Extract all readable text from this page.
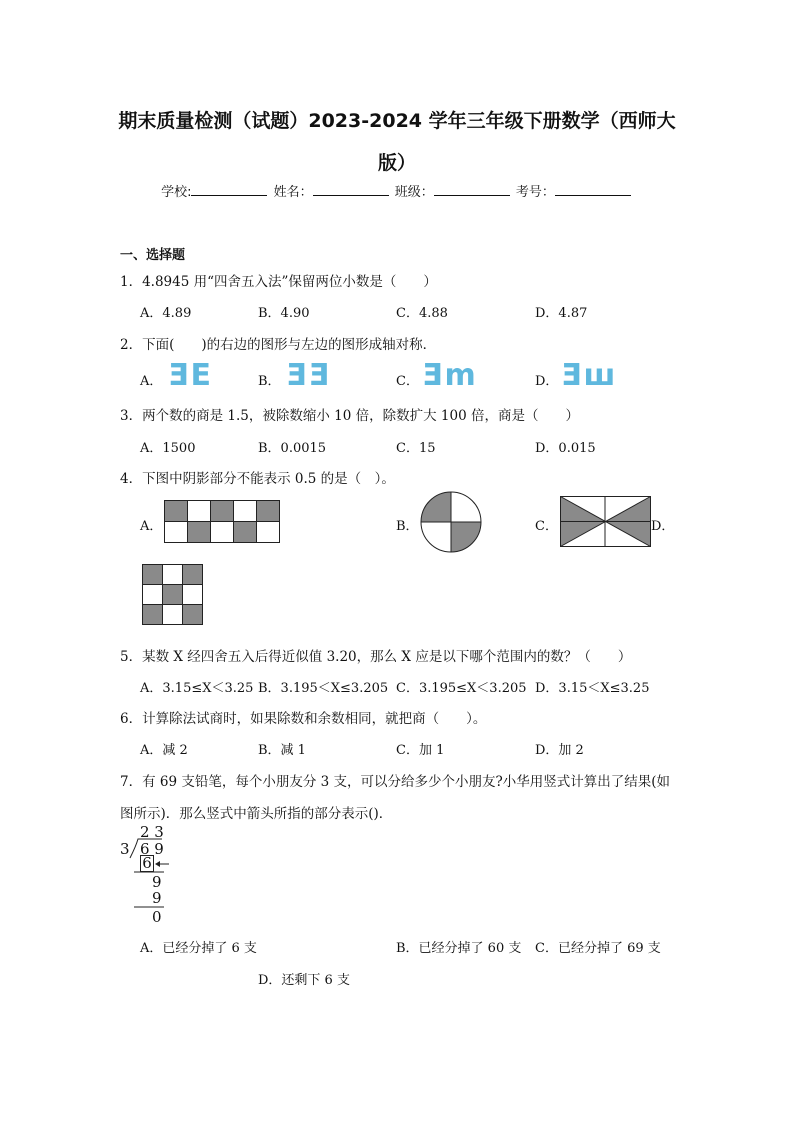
期末质量检测（试题）2023-2024 学年三年级下册数学（西师大
版）
学校:	姓名：	班级：	考号：
一、选择题
1．4.8945 用“四舍五入法”保留两位小数是（　　）
A．4.89	B．4.90	C．4.88	D．4.87
2．下面(　　)的右边的图形与左边的图形成轴对称．
A． ƎE	B． ƎƎ	C． Ǝm	D． Ǝш
3．两个数的商是 1.5，被除数缩小 10 倍，除数扩大 100 倍，商是（　　）
A．1500	B．0.0015	C．15	D．0.015
4．下图中阴影部分不能表示 0.5 的是（　）。
A．	B．	C．	D．
5．某数 X 经四舍五入后得近似值 3.20，那么 X 应是以下哪个范围内的数？（　　）
A．3.15≤X＜3.25 B．3.195＜X≤3.205 C．3.195≤X＜3.205 D．3.15＜X≤3.25
6．计算除法试商时，如果除数和余数相同，就把商（　　）。
A．减 2	B．减 1	C．加 1	D．加 2
7．有 69 支铅笔，每个小朋友分 3 支，可以分给多少个小朋友?小华用竖式计算出了结果(如
图所示)．那么竖式中箭头所指的部分表示()．
2 3
3 6 9
6
9
9
0
A．已经分掉了 6 支	B．已经分掉了 60 支 C．已经分掉了 69 支
D．还剩下 6 支
